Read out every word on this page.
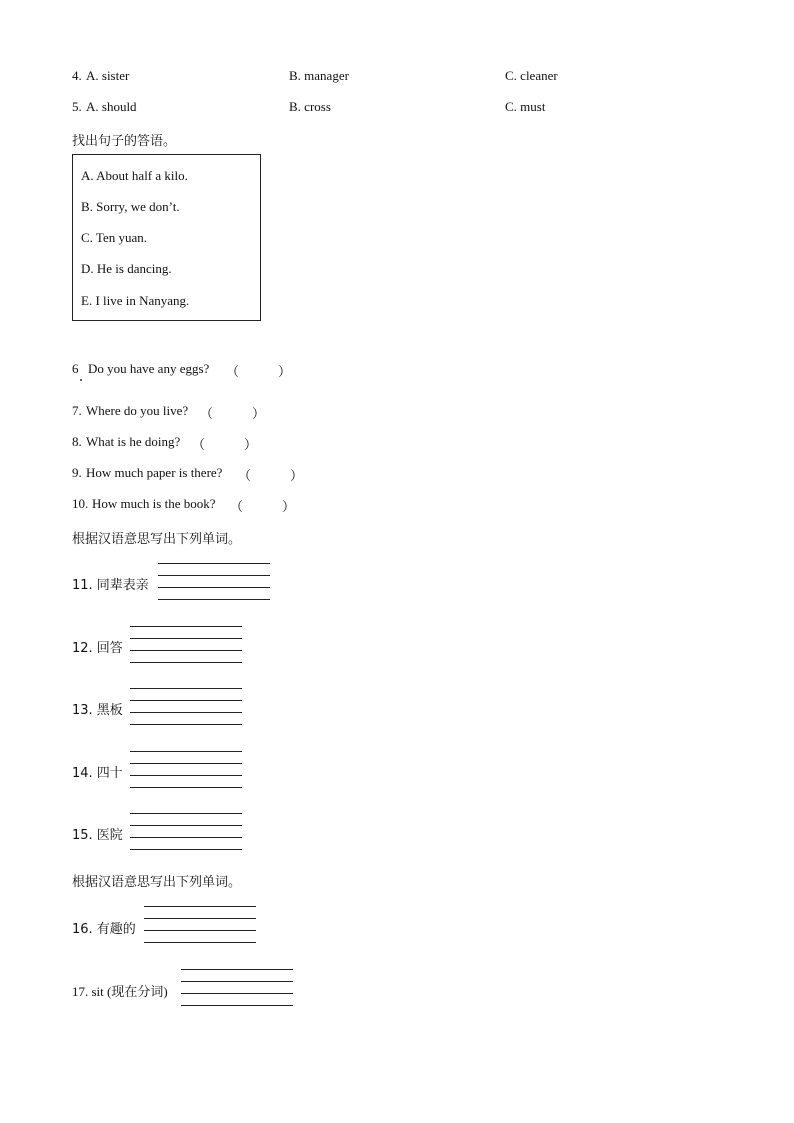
4. A. sister	B. manager	C. cleaner
5. A. should	B. cross	C. must
找出句子的答语。
A. About half a kilo.
B. Sorry, we don’t.
C. Ten yuan.
D. He is dancing.
E. I live in Nanyang.
6 Do you have any eggs? （　　　）
7. Where do you live? （　　　）
8. What is he doing? （　　　）
9. How much paper is there? （　　　）
10. How much is the book? （　　　）
根据汉语意思写出下列单词。
11. 同辈表亲
12. 回答
13. 黑板
14. 四十
15. 医院
根据汉语意思写出下列单词。
16. 有趣的
17. sit (现在分词)
